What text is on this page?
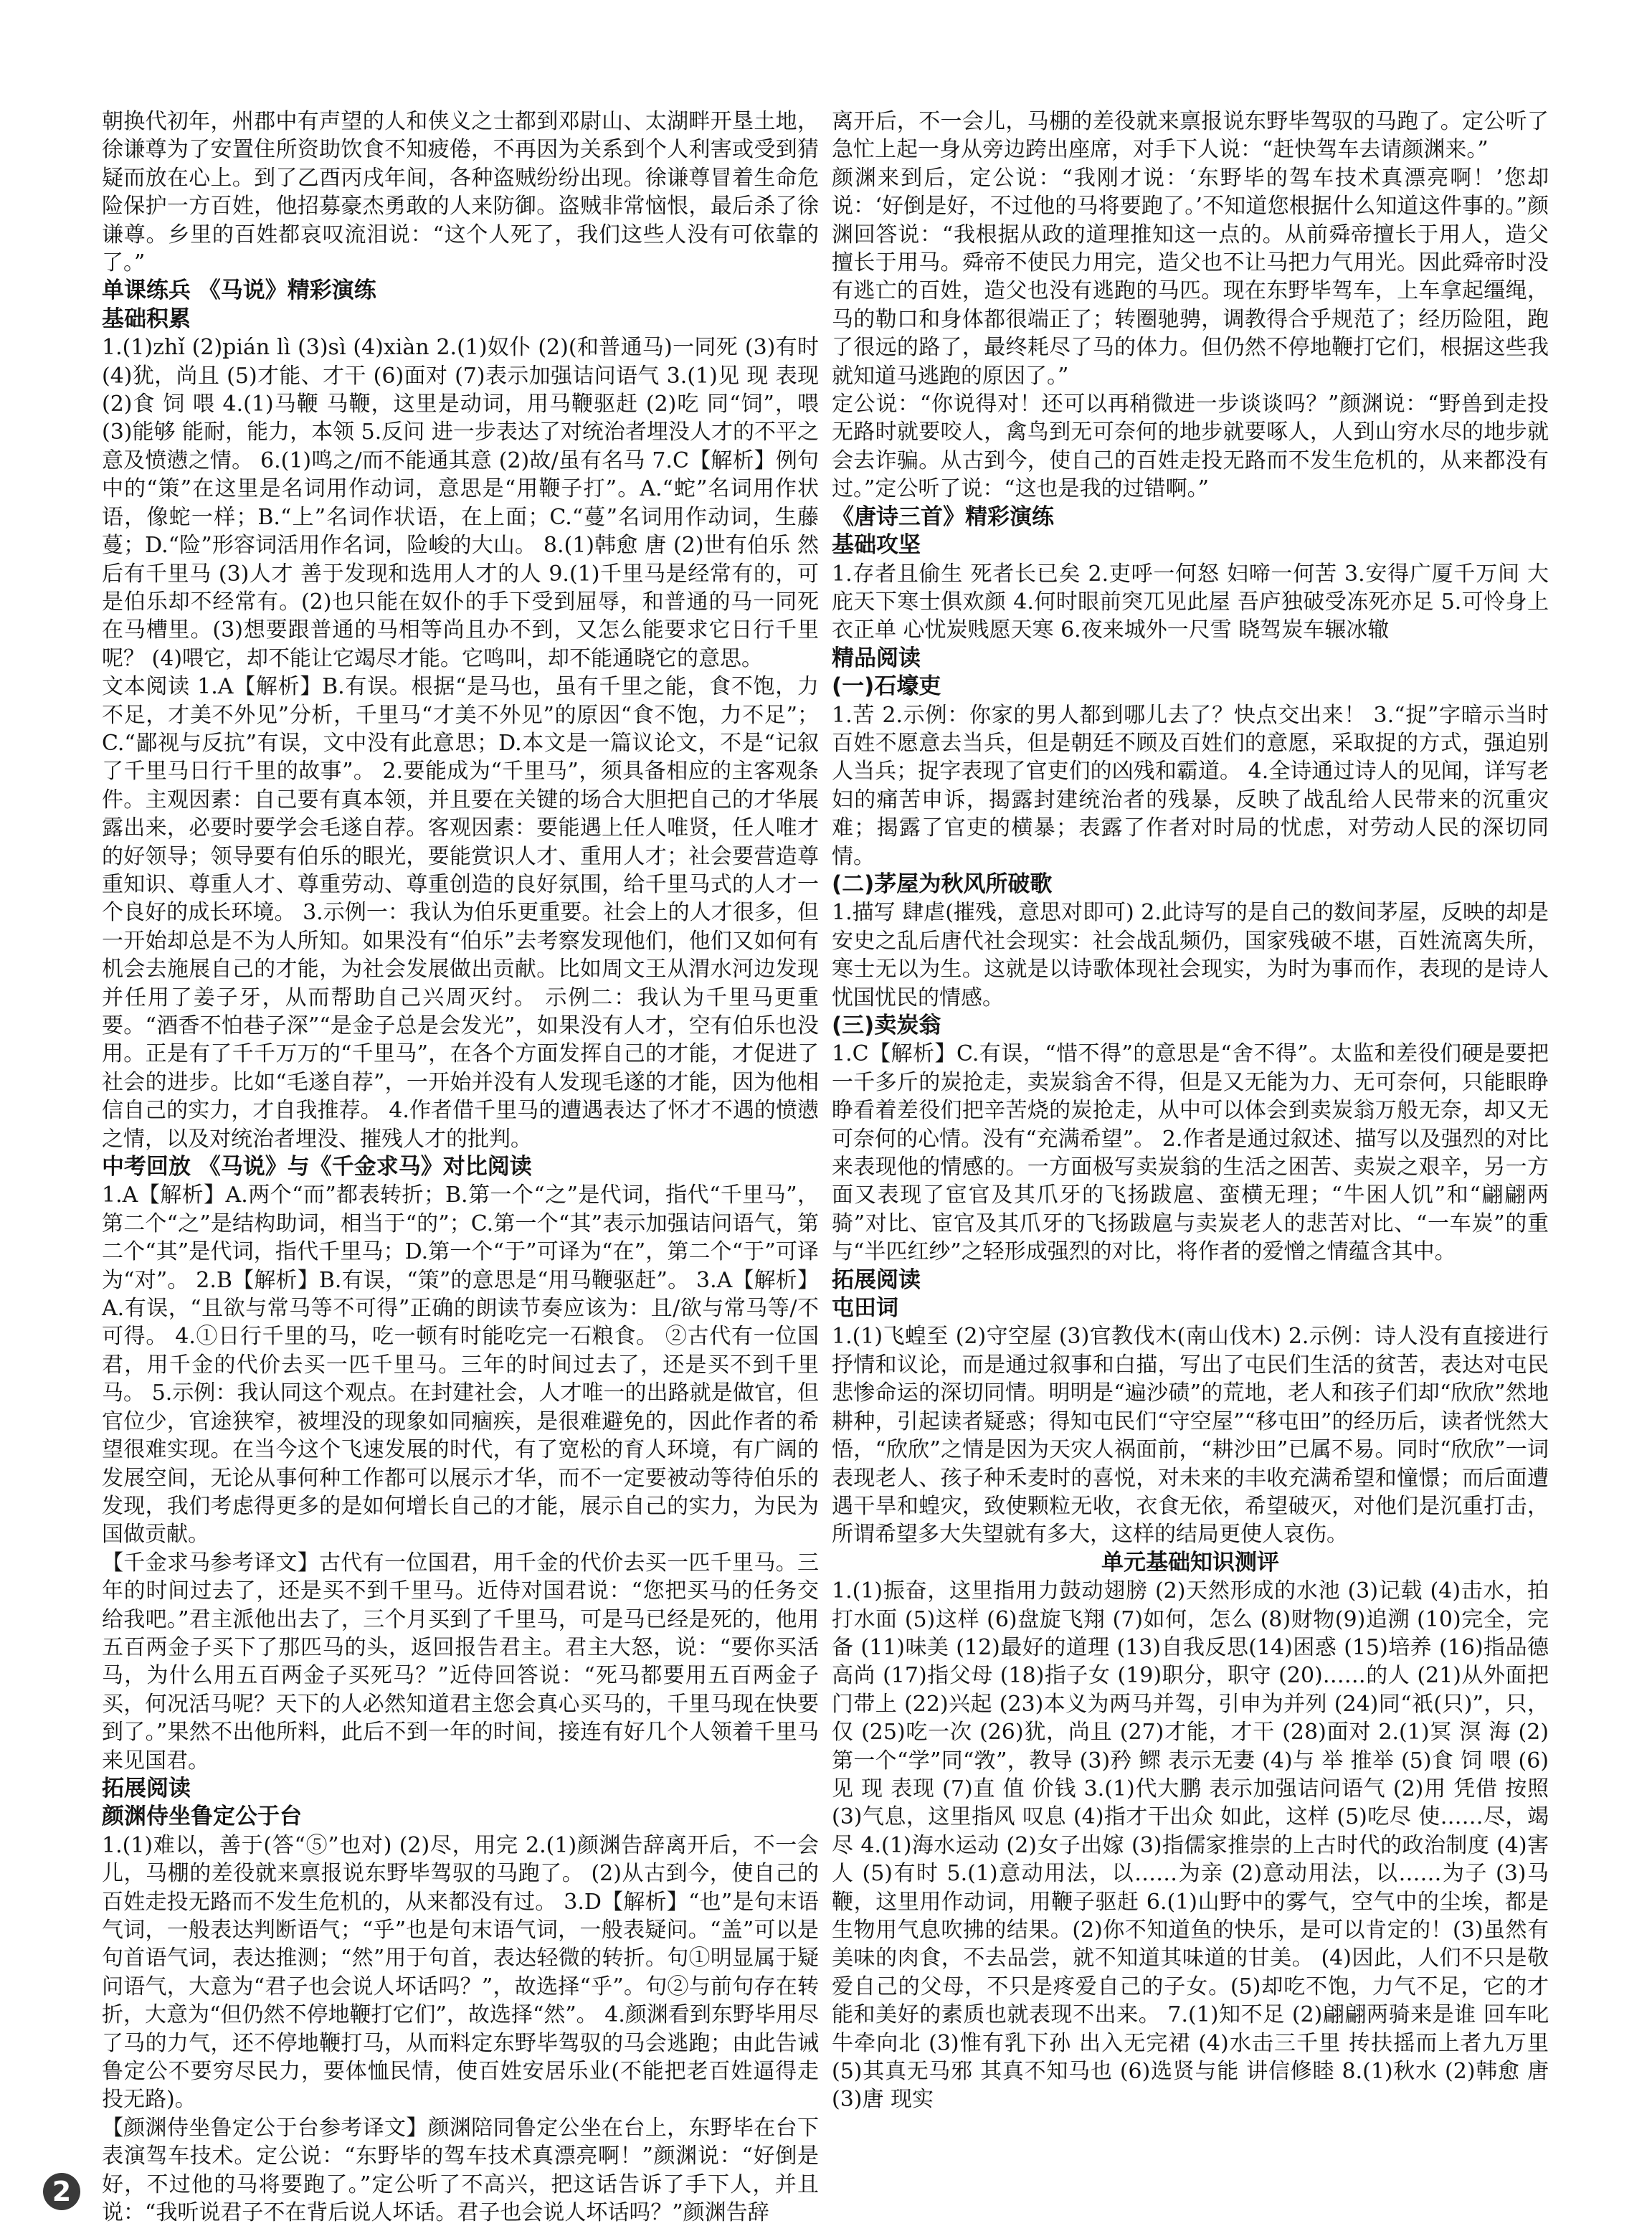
朝换代初年，州郡中有声望的人和侠义之士都到邓尉山、太湖畔开垦土地，徐谦尊为了安置住所资助饮食不知疲倦，不再因为关系到个人利害或受到猜疑而放在心上。到了乙酉丙戌年间，各种盗贼纷纷出现。徐谦尊冒着生命危险保护一方百姓，他招募豪杰勇敢的人来防御。盗贼非常恼恨，最后杀了徐谦尊。乡里的百姓都哀叹流泪说：“这个人死了，我们这些人没有可依靠的了。”
单课练兵 《马说》精彩演练
基础积累
1.(1)zhǐ (2)pián lì (3)sì (4)xiàn 2.(1)奴仆 (2)(和普通马)一同死 (3)有时 (4)犹，尚且 (5)才能、才干 (6)面对 (7)表示加强诘问语气 3.(1)见 现 表现 (2)食 饲 喂 4.(1)马鞭 马鞭，这里是动词，用马鞭驱赶 (2)吃 同“饲”，喂 (3)能够 能耐，能力，本领 5.反问 进一步表达了对统治者埋没人才的不平之意及愤懑之情。 6.(1)鸣之/而不能通其意 (2)故/虽有名马 7.C【解析】例句中的“策”在这里是名词用作动词，意思是“用鞭子打”。A.“蛇”名词用作状语，像蛇一样；B.“上”名词作状语，在上面；C.“蔓”名词用作动词，生藤蔓；D.“险”形容词活用作名词，险峻的大山。 8.(1)韩愈 唐 (2)世有伯乐 然后有千里马 (3)人才 善于发现和选用人才的人 9.(1)千里马是经常有的，可是伯乐却不经常有。(2)也只能在奴仆的手下受到屈辱，和普通的马一同死在马槽里。(3)想要跟普通的马相等尚且办不到，又怎么能要求它日行千里呢？ (4)喂它，却不能让它竭尽才能。它鸣叫，却不能通晓它的意思。
文本阅读 1.A【解析】B.有误。根据“是马也，虽有千里之能，食不饱，力不足，才美不外见”分析，千里马“才美不外见”的原因“食不饱，力不足”；C.“鄙视与反抗”有误，文中没有此意思；D.本文是一篇议论文，不是“记叙了千里马日行千里的故事”。 2.要能成为“千里马”，须具备相应的主客观条件。主观因素：自己要有真本领，并且要在关键的场合大胆把自己的才华展露出来，必要时要学会毛遂自荐。客观因素：要能遇上任人唯贤，任人唯才的好领导；领导要有伯乐的眼光，要能赏识人才、重用人才；社会要营造尊重知识、尊重人才、尊重劳动、尊重创造的良好氛围，给千里马式的人才一个良好的成长环境。 3.示例一：我认为伯乐更重要。社会上的人才很多，但一开始却总是不为人所知。如果没有“伯乐”去考察发现他们，他们又如何有机会去施展自己的才能，为社会发展做出贡献。比如周文王从渭水河边发现并任用了姜子牙，从而帮助自己兴周灭纣。 示例二：我认为千里马更重要。“酒香不怕巷子深”“是金子总是会发光”，如果没有人才，空有伯乐也没用。正是有了千千万万的“千里马”，在各个方面发挥自己的才能，才促进了社会的进步。比如“毛遂自荐”，一开始并没有人发现毛遂的才能，因为他相信自己的实力，才自我推荐。 4.作者借千里马的遭遇表达了怀才不遇的愤懑之情，以及对统治者埋没、摧残人才的批判。
中考回放 《马说》与《千金求马》对比阅读
1.A【解析】A.两个“而”都表转折；B.第一个“之”是代词，指代“千里马”，第二个“之”是结构助词，相当于“的”；C.第一个“其”表示加强诘问语气，第二个“其”是代词，指代千里马；D.第一个“于”可译为“在”，第二个“于”可译为“对”。 2.B【解析】B.有误，“策”的意思是“用马鞭驱赶”。 3.A【解析】A.有误，“且欲与常马等不可得”正确的朗读节奏应该为：且/欲与常马等/不可得。 4.①日行千里的马，吃一顿有时能吃完一石粮食。 ②古代有一位国君，用千金的代价去买一匹千里马。三年的时间过去了，还是买不到千里马。 5.示例：我认同这个观点。在封建社会，人才唯一的出路就是做官，但官位少，官途狭窄，被埋没的现象如同痼疾，是很难避免的，因此作者的希望很难实现。在当今这个飞速发展的时代，有了宽松的育人环境，有广阔的发展空间，无论从事何种工作都可以展示才华，而不一定要被动等待伯乐的发现，我们考虑得更多的是如何增长自己的才能，展示自己的实力，为民为国做贡献。
【千金求马参考译文】古代有一位国君，用千金的代价去买一匹千里马。三年的时间过去了，还是买不到千里马。近侍对国君说：“您把买马的任务交给我吧。”君主派他出去了，三个月买到了千里马，可是马已经是死的，他用五百两金子买下了那匹马的头，返回报告君主。君主大怒，说：“要你买活马，为什么用五百两金子买死马？”近侍回答说：“死马都要用五百两金子买，何况活马呢？天下的人必然知道君主您会真心买马的，千里马现在快要到了。”果然不出他所料，此后不到一年的时间，接连有好几个人领着千里马来见国君。
拓展阅读
颜渊侍坐鲁定公于台
1.(1)难以，善于(答“⑤”也对) (2)尽，用完 2.(1)颜渊告辞离开后，不一会儿，马棚的差役就来禀报说东野毕驾驭的马跑了。 (2)从古到今，使自己的百姓走投无路而不发生危机的，从来都没有过。 3.D【解析】“也”是句末语气词，一般表达判断语气；“乎”也是句末语气词，一般表疑问。“盖”可以是句首语气词，表达推测；“然”用于句首，表达轻微的转折。句①明显属于疑问语气，大意为“君子也会说人坏话吗？”，故选择“乎”。句②与前句存在转折，大意为“但仍然不停地鞭打它们”，故选择“然”。 4.颜渊看到东野毕用尽了马的力气，还不停地鞭打马，从而料定东野毕驾驭的马会逃跑；由此告诫鲁定公不要穷尽民力，要体恤民情，使百姓安居乐业(不能把老百姓逼得走投无路)。
【颜渊侍坐鲁定公于台参考译文】颜渊陪同鲁定公坐在台上，东野毕在台下表演驾车技术。定公说：“东野毕的驾车技术真漂亮啊！”颜渊说：“好倒是好，不过他的马将要跑了。”定公听了不高兴，把这话告诉了手下人，并且说：“我听说君子不在背后说人坏话。君子也会说人坏话吗？”颜渊告辞
离开后，不一会儿，马棚的差役就来禀报说东野毕驾驭的马跑了。定公听了急忙上起一身从旁边跨出座席，对手下人说：“赶快驾车去请颜渊来。”
颜渊来到后，定公说：“我刚才说：‘东野毕的驾车技术真漂亮啊！’您却说：‘好倒是好，不过他的马将要跑了。’不知道您根据什么知道这件事的。”颜渊回答说：“我根据从政的道理推知这一点的。从前舜帝擅长于用人，造父擅长于用马。舜帝不使民力用完，造父也不让马把力气用光。因此舜帝时没有逃亡的百姓，造父也没有逃跑的马匹。现在东野毕驾车，上车拿起缰绳，马的勒口和身体都很端正了；转圈驰骋，调教得合乎规范了；经历险阻，跑了很远的路了，最终耗尽了马的体力。但仍然不停地鞭打它们，根据这些我就知道马逃跑的原因了。”
定公说：“你说得对！还可以再稍微进一步谈谈吗？”颜渊说：“野兽到走投无路时就要咬人，禽鸟到无可奈何的地步就要啄人，人到山穷水尽的地步就会去诈骗。从古到今，使自己的百姓走投无路而不发生危机的，从来都没有过。”定公听了说：“这也是我的过错啊。”
《唐诗三首》精彩演练
基础攻坚
1.存者且偷生 死者长已矣 2.吏呼一何怒 妇啼一何苦 3.安得广厦千万间 大庇天下寒士俱欢颜 4.何时眼前突兀见此屋 吾庐独破受冻死亦足 5.可怜身上衣正单 心忧炭贱愿天寒 6.夜来城外一尺雪 晓驾炭车辗冰辙
精品阅读
(一)石壕吏
1.苦 2.示例：你家的男人都到哪儿去了？快点交出来！ 3.“捉”字暗示当时百姓不愿意去当兵，但是朝廷不顾及百姓们的意愿，采取捉的方式，强迫别人当兵；捉字表现了官吏们的凶残和霸道。 4.全诗通过诗人的见闻，详写老妇的痛苦申诉，揭露封建统治者的残暴，反映了战乱给人民带来的沉重灾难；揭露了官吏的横暴；表露了作者对时局的忧虑，对劳动人民的深切同情。
(二)茅屋为秋风所破歌
1.描写 肆虐(摧残，意思对即可) 2.此诗写的是自己的数间茅屋，反映的却是安史之乱后唐代社会现实：社会战乱频仍，国家残破不堪，百姓流离失所，寒士无以为生。这就是以诗歌体现社会现实，为时为事而作，表现的是诗人忧国忧民的情感。
(三)卖炭翁
1.C【解析】C.有误，“惜不得”的意思是“舍不得”。太监和差役们硬是要把一千多斤的炭抢走，卖炭翁舍不得，但是又无能为力、无可奈何，只能眼睁睁看着差役们把辛苦烧的炭抢走，从中可以体会到卖炭翁万般无奈，却又无可奈何的心情。没有“充满希望”。 2.作者是通过叙述、描写以及强烈的对比来表现他的情感的。一方面极写卖炭翁的生活之困苦、卖炭之艰辛，另一方面又表现了宦官及其爪牙的飞扬跋扈、蛮横无理；“牛困人饥”和“翩翩两骑”对比、宦官及其爪牙的飞扬跋扈与卖炭老人的悲苦对比、“一车炭”的重与“半匹红纱”之轻形成强烈的对比，将作者的爱憎之情蕴含其中。
拓展阅读
屯田词
1.(1)飞蝗至 (2)守空屋 (3)官教伐木(南山伐木) 2.示例：诗人没有直接进行抒情和议论，而是通过叙事和白描，写出了屯民们生活的贫苦，表达对屯民悲惨命运的深切同情。明明是“遍沙碛”的荒地，老人和孩子们却“欣欣”然地耕种，引起读者疑惑；得知屯民们“守空屋”“移屯田”的经历后，读者恍然大悟，“欣欣”之情是因为天灾人祸面前，“耕沙田”已属不易。同时“欣欣”一词表现老人、孩子种禾麦时的喜悦，对未来的丰收充满希望和憧憬；而后面遭遇干旱和蝗灾，致使颗粒无收，衣食无依，希望破灭，对他们是沉重打击，所谓希望多大失望就有多大，这样的结局更使人哀伤。
单元基础知识测评
1.(1)振奋，这里指用力鼓动翅膀 (2)天然形成的水池 (3)记载 (4)击水，拍打水面 (5)这样 (6)盘旋飞翔 (7)如何，怎么 (8)财物(9)追溯 (10)完全，完备 (11)味美 (12)最好的道理 (13)自我反思(14)困惑 (15)培养 (16)指品德高尚 (17)指父母 (18)指子女 (19)职分，职守 (20)……的人 (21)从外面把门带上 (22)兴起 (23)本义为两马并驾，引申为并列 (24)同“祇(只)”，只，仅 (25)吃一次 (26)犹，尚且 (27)才能，才干 (28)面对 2.(1)冥 溟 海 (2)第一个“学”同“敩”，教导 (3)矜 鳏 表示无妻 (4)与 举 推举 (5)食 饲 喂 (6)见 现 表现 (7)直 值 价钱 3.(1)代大鹏 表示加强诘问语气 (2)用 凭借 按照 (3)气息，这里指风 叹息 (4)指才干出众 如此，这样 (5)吃尽 使……尽，竭尽 4.(1)海水运动 (2)女子出嫁 (3)指儒家推崇的上古时代的政治制度 (4)害人 (5)有时 5.(1)意动用法，以……为亲 (2)意动用法，以……为子 (3)马鞭，这里用作动词，用鞭子驱赶 6.(1)山野中的雾气，空气中的尘埃，都是生物用气息吹拂的结果。(2)你不知道鱼的快乐，是可以肯定的！(3)虽然有美味的肉食，不去品尝，就不知道其味道的甘美。 (4)因此，人们不只是敬爱自己的父母，不只是疼爱自己的子女。(5)却吃不饱，力气不足，它的才能和美好的素质也就表现不出来。 7.(1)知不足 (2)翩翩两骑来是谁 回车叱牛牵向北 (3)惟有乳下孙 出入无完裙 (4)水击三千里 抟扶摇而上者九万里 (5)其真无马邪 其真不知马也 (6)选贤与能 讲信修睦 8.(1)秋水 (2)韩愈 唐 (3)唐 现实
2
